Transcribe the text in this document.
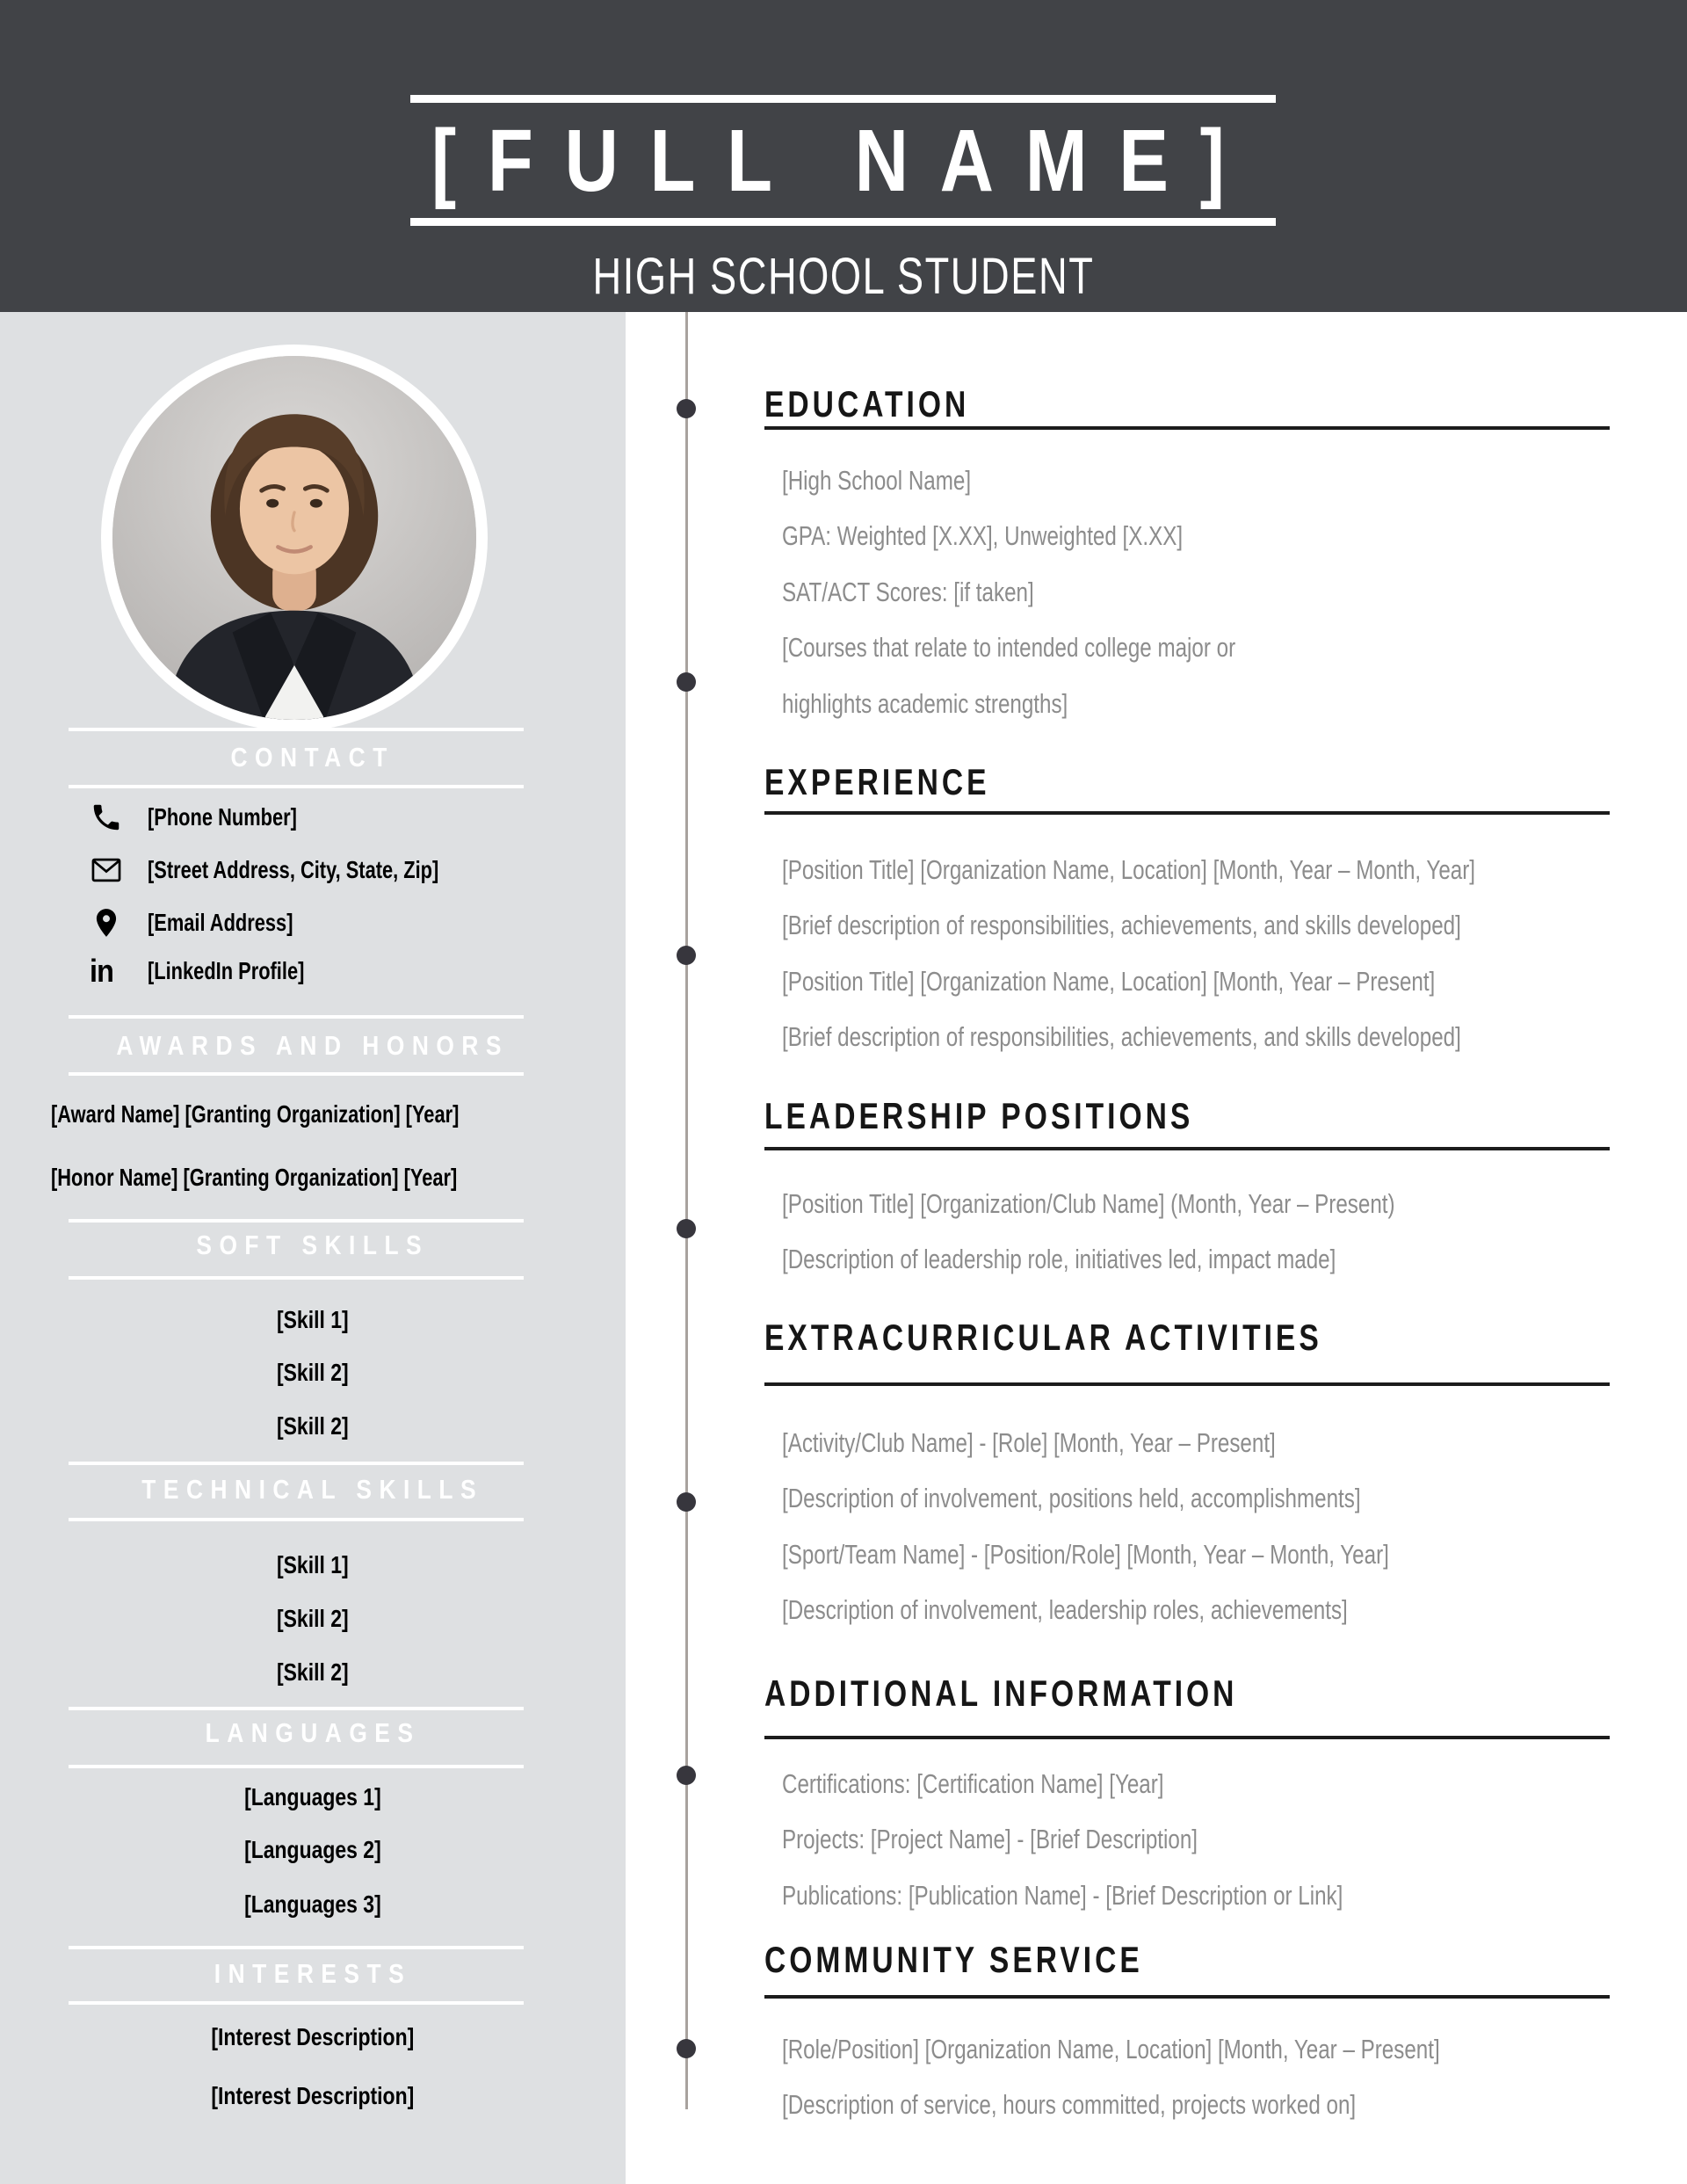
[FULL NAME]
HIGH SCHOOL STUDENT
CONTACT
[Phone Number]
[Street Address, City, State, Zip]
[Email Address]
in	[LinkedIn Profile]
AWARDS AND HONORS
[Award Name] [Granting Organization] [Year]
[Honor Name] [Granting Organization] [Year]
SOFT SKILLS
[Skill 1]
[Skill 2]
[Skill 2]
TECHNICAL SKILLS
[Skill 1]
[Skill 2]
[Skill 2]
LANGUAGES
[Languages 1]
[Languages 2]
[Languages 3]
INTERESTS
[Interest Description]
[Interest Description]
EDUCATION
[High School Name]
GPA: Weighted [X.XX], Unweighted [X.XX]
SAT/ACT Scores: [if taken]
[Courses that relate to intended college major or
highlights academic strengths]
EXPERIENCE
[Position Title] [Organization Name, Location] [Month, Year – Month, Year]
[Brief description of responsibilities, achievements, and skills developed]
[Position Title] [Organization Name, Location] [Month, Year – Present]
[Brief description of responsibilities, achievements, and skills developed]
LEADERSHIP POSITIONS
[Position Title] [Organization/Club Name] (Month, Year – Present)
[Description of leadership role, initiatives led, impact made]
EXTRACURRICULAR ACTIVITIES
[Activity/Club Name] - [Role] [Month, Year – Present]
[Description of involvement, positions held, accomplishments]
[Sport/Team Name] - [Position/Role] [Month, Year – Month, Year]
[Description of involvement, leadership roles, achievements]
ADDITIONAL INFORMATION
Certifications: [Certification Name] [Year]
Projects: [Project Name] - [Brief Description]
Publications: [Publication Name] - [Brief Description or Link]
COMMUNITY SERVICE
[Role/Position] [Organization Name, Location] [Month, Year – Present]
[Description of service, hours committed, projects worked on]
